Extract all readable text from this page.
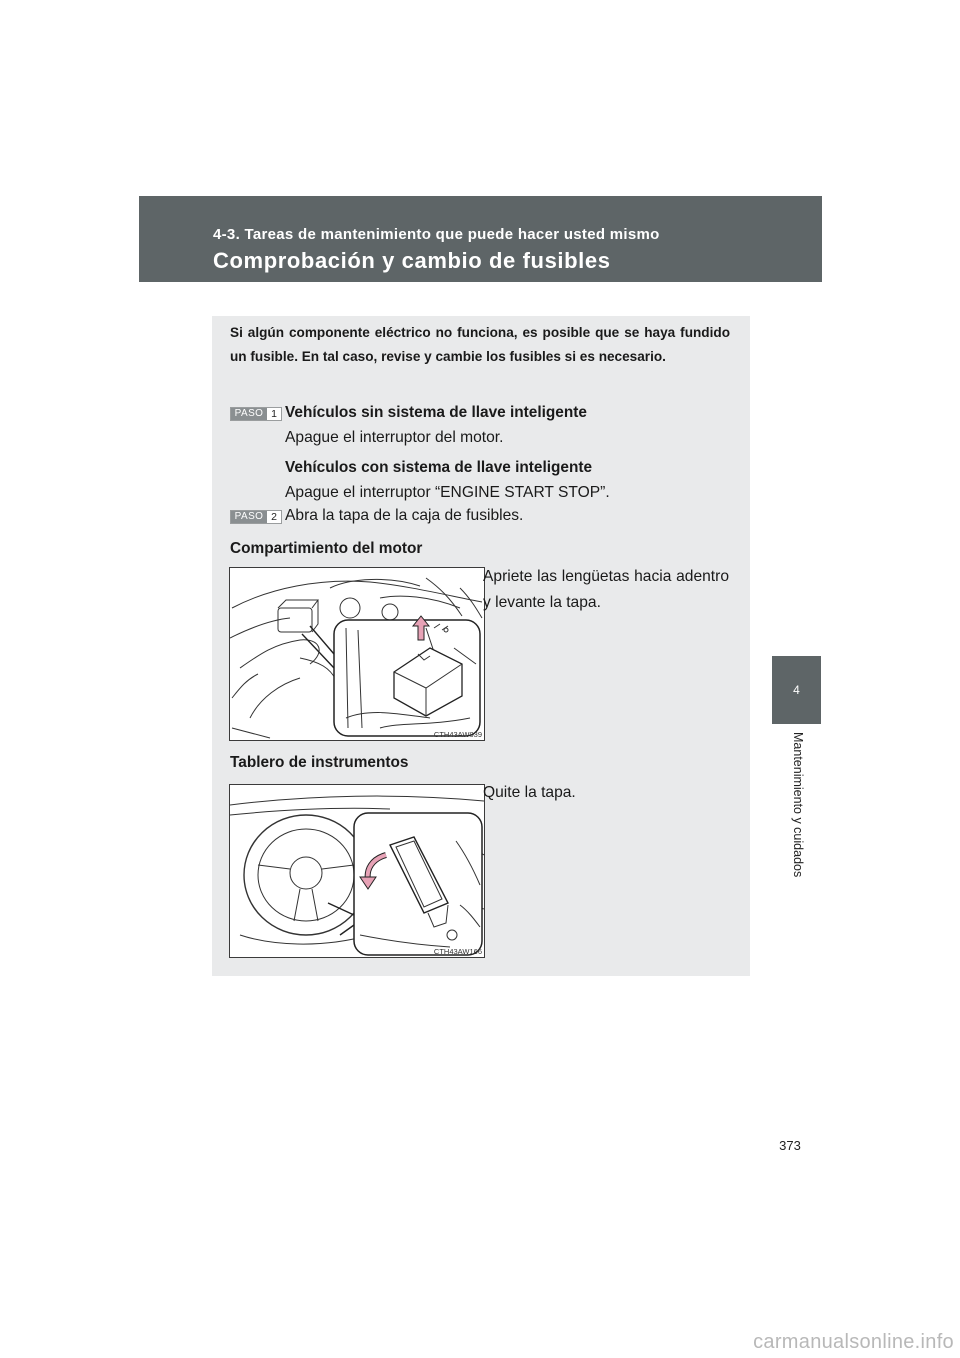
4-3. Tareas de mantenimiento que puede hacer usted mismo
Comprobación y cambio de fusibles
4
Mantenimiento y cuidados
Si algún componente eléctrico no funciona, es posible que se haya fundido un fusible. En tal caso, revise y cambie los fusibles si es necesario.
PASO 1 Vehículos sin sistema de llave inteligente
Apague el interruptor del motor.
Vehículos con sistema de llave inteligente
Apague el interruptor “ENGINE START STOP”.
PASO 2 Abra la tapa de la caja de fusibles.
Compartimiento del motor
CTH43AW039
Apriete las lengüetas hacia adentro y levante la tapa.
Tablero de instrumentos
CTH43AW166
Quite la tapa.
373
carmanualsonline.info
